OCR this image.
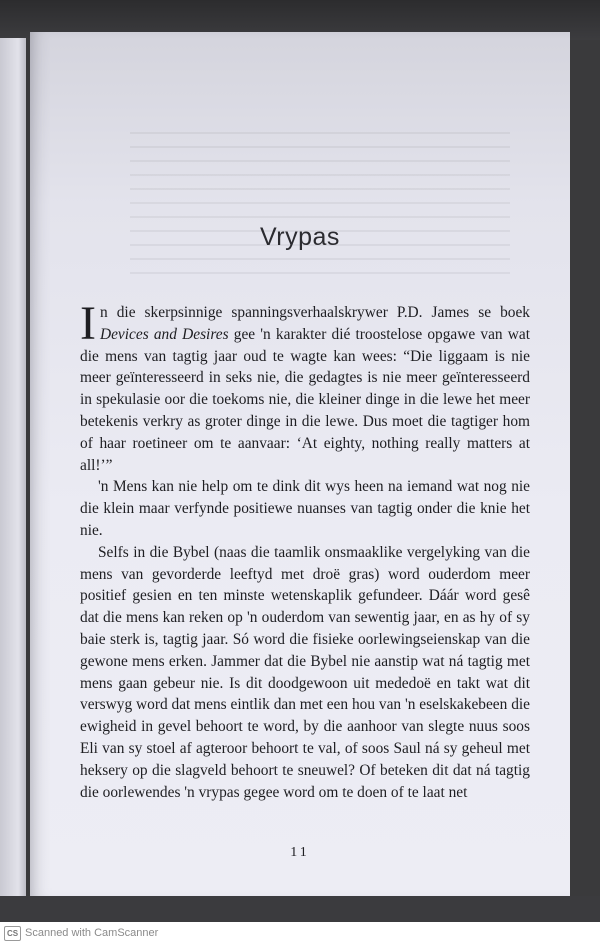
Vrypas

In die skerpsinnige spanningsverhaalskrywer P.D. James se boek Devices and Desires gee 'n karakter dié troostelose opgawe van wat die mens van tagtig jaar oud te wagte kan wees: “Die liggaam is nie meer geïnteresseerd in seks nie, die gedagtes is nie meer geïnteresseerd in spekulasie oor die toekoms nie, die kleiner dinge in die lewe het meer betekenis verkry as groter dinge in die lewe. Dus moet die tagtiger hom of haar roetineer om te aanvaar: ‘At eighty, nothing really matters at all!’”

'n Mens kan nie help om te dink dit wys heen na iemand wat nog nie die klein maar verfynde positiewe nuanses van tagtig onder die knie het nie.

Selfs in die Bybel (naas die taamlik onsmaaklike vergelyking van die mens van gevorderde leeftyd met droë gras) word ouderdom meer positief gesien en ten minste wetenskaplik gefundeer. Dáár word gesê dat die mens kan reken op 'n ouderdom van sewentig jaar, en as hy of sy baie sterk is, tagtig jaar. Só word die fisieke oorlewingseienskap van die gewone mens erken. Jammer dat die Bybel nie aanstip wat ná tagtig met mens gaan gebeur nie. Is dit doodgewoon uit mededoë en takt wat dit verswyg word dat mens eintlik dan met een hou van 'n eselskakebeen die ewigheid in gevel behoort te word, by die aanhoor van slegte nuus soos Eli van sy stoel af agteroor behoort te val, of soos Saul ná sy geheul met heksery op die slagveld behoort te sneuwel? Of beteken dit dat ná tagtig die oorlewendes 'n vrypas gegee word om te doen of te laat net

11
CS Scanned with CamScanner
